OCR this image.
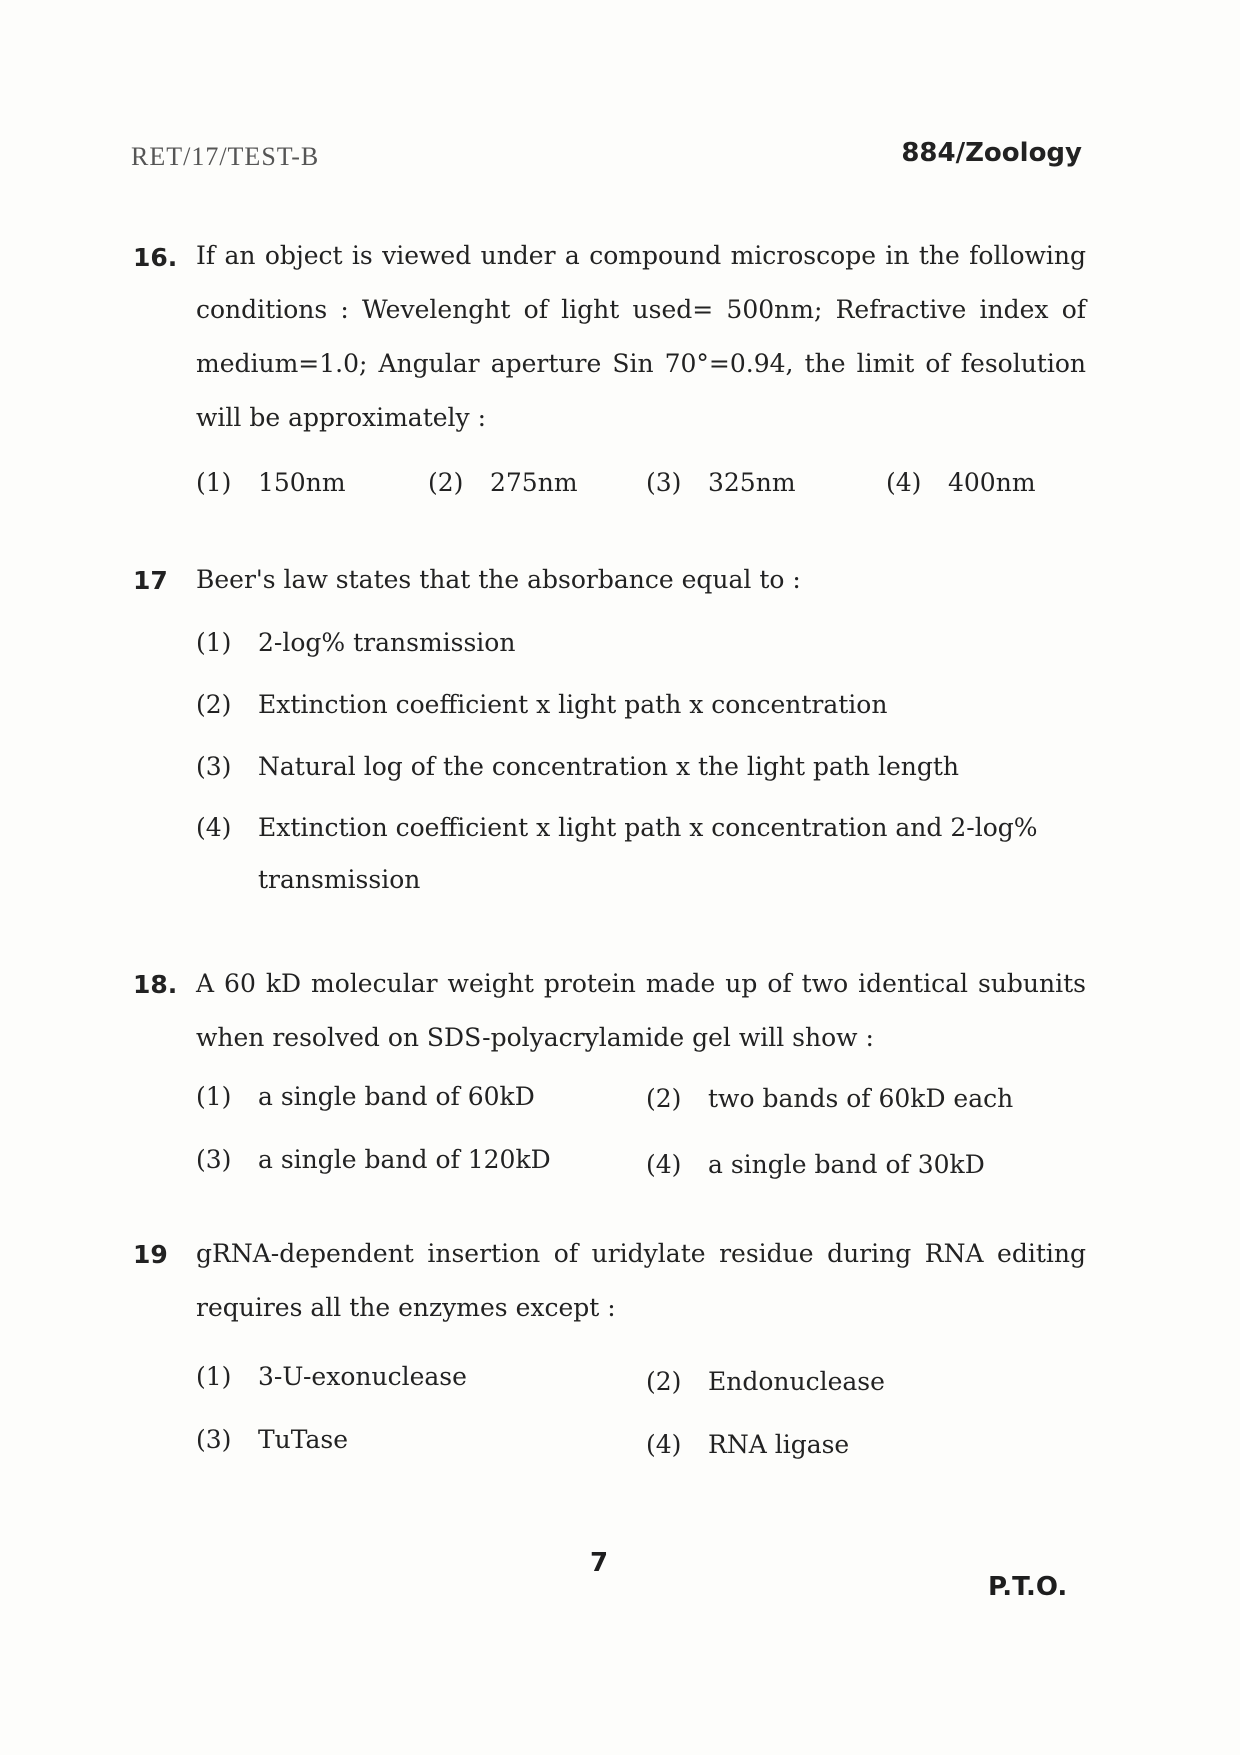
RET/17/TEST-B	884/Zoology
16. If an object is viewed under a compound microscope in the following conditions : Wevelenght of light used= 500nm; Refractive index of medium=1.0; Angular aperture Sin 70°=0.94, the limit of fesolution will be approximately :
(1) 150nm	(2) 275nm	(3) 325nm	(4) 400nm
17 Beer's law states that the absorbance equal to :
(1) 2-log% transmission
(2) Extinction coefficient x light path x concentration
(3) Natural log of the concentration x the light path length
(4) Extinction coefficient x light path x concentration and 2-log%
transmission
18. A 60 kD molecular weight protein made up of two identical subunits when resolved on SDS-polyacrylamide gel will show :
(1) a single band of 60kD	(2) two bands of 60kD each
(3) a single band of 120kD	(4) a single band of 30kD
19 gRNA-dependent insertion of uridylate residue during RNA editing requires all the enzymes except :
(1) 3-U-exonuclease	(2) Endonuclease
(3) TuTase	(4) RNA ligase
7
P.T.O.
